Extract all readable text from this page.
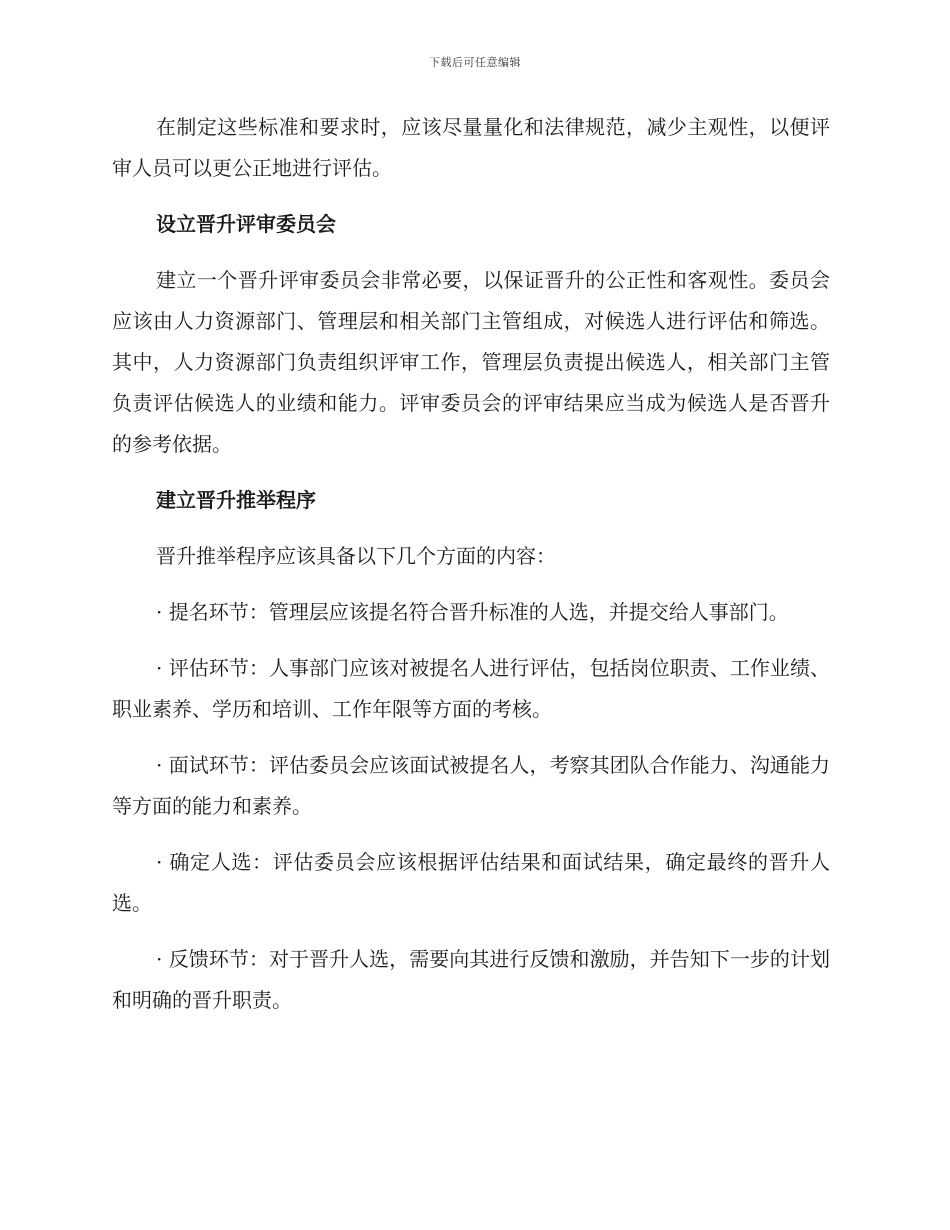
下载后可任意编辑

在制定这些标准和要求时，应该尽量量化和法律规范，减少主观性，以便评审人员可以更公正地进行评估。

设立晋升评审委员会

建立一个晋升评审委员会非常必要，以保证晋升的公正性和客观性。委员会应该由人力资源部门、管理层和相关部门主管组成，对候选人进行评估和筛选。其中，人力资源部门负责组织评审工作，管理层负责提出候选人，相关部门主管负责评估候选人的业绩和能力。评审委员会的评审结果应当成为候选人是否晋升的参考依据。

建立晋升推举程序

晋升推举程序应该具备以下几个方面的内容：

· 提名环节：管理层应该提名符合晋升标准的人选，并提交给人事部门。

· 评估环节：人事部门应该对被提名人进行评估，包括岗位职责、工作业绩、职业素养、学历和培训、工作年限等方面的考核。

· 面试环节：评估委员会应该面试被提名人，考察其团队合作能力、沟通能力等方面的能力和素养。

· 确定人选：评估委员会应该根据评估结果和面试结果，确定最终的晋升人选。

· 反馈环节：对于晋升人选，需要向其进行反馈和激励，并告知下一步的计划和明确的晋升职责。
